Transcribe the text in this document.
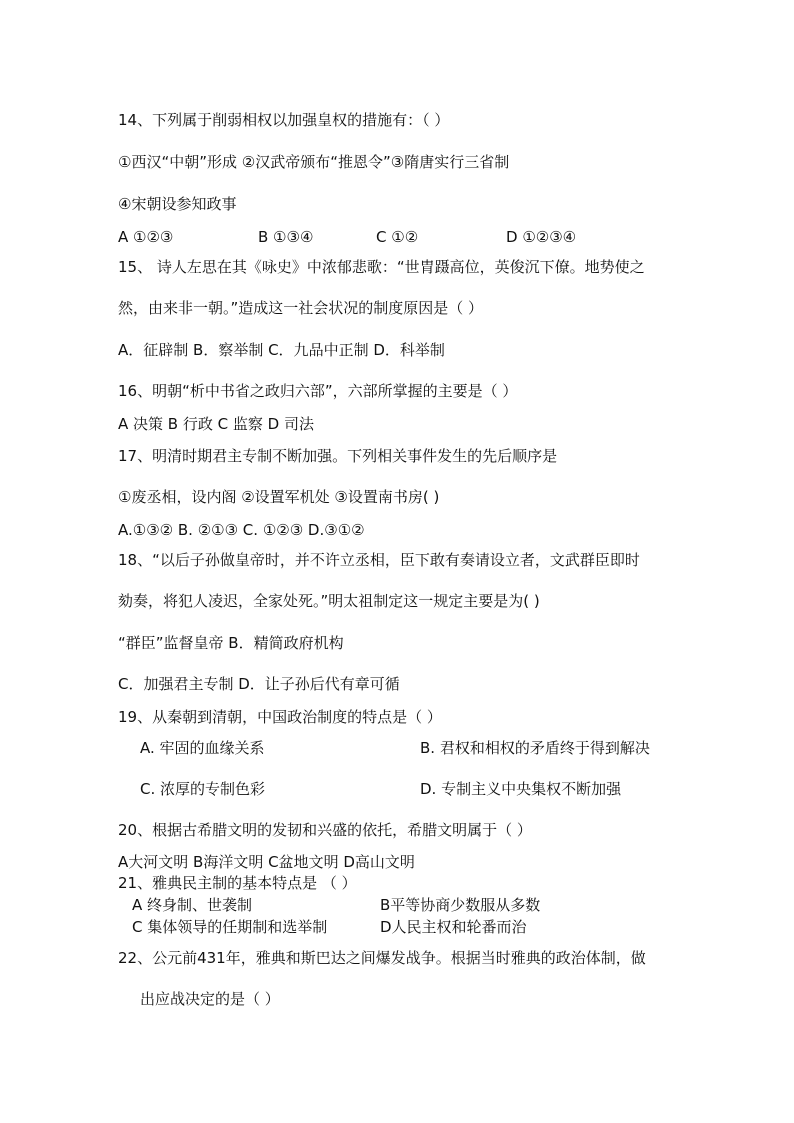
14、下列属于削弱相权以加强皇权的措施有：（ ）
①西汉“中朝”形成 ②汉武帝颁布“推恩令”③隋唐实行三省制
④宋朝设参知政事
A ①②③	B ①③④	C ①②	D ①②③④
15、 诗人左思在其《咏史》中浓郁悲歌：“世胄蹑高位，英俊沉下僚。地势使之
然，由来非一朝。”造成这一社会状况的制度原因是（ ）
A．征辟制 B．察举制 C．九品中正制 D．科举制
16、明朝“析中书省之政归六部”，六部所掌握的主要是（ ）
A 决策 B 行政 C 监察 D 司法
17、明清时期君主专制不断加强。下列相关事件发生的先后顺序是
①废丞相，设内阁 ②设置军机处 ③设置南书房( )
A.①③② B. ②①③ C. ①②③ D.③①②
18、“以后子孙做皇帝时，并不许立丞相，臣下敢有奏请设立者，文武群臣即时
劾奏，将犯人凌迟，全家处死。”明太祖制定这一规定主要是为( )
“群臣”监督皇帝 B．精简政府机构
C．加强君主专制 D．让子孙后代有章可循
19、从秦朝到清朝，中国政治制度的特点是（ ）
A. 牢固的血缘关系	B. 君权和相权的矛盾终于得到解决
C. 浓厚的专制色彩	D. 专制主义中央集权不断加强
20、根据古希腊文明的发韧和兴盛的依托，希腊文明属于（ ）
A大河文明 B海洋文明 C盆地文明 D高山文明
21、雅典民主制的基本特点是 （ ）
A 终身制、世袭制	B平等协商少数服从多数
C 集体领导的任期制和选举制	D人民主权和轮番而治
22、公元前431年，雅典和斯巴达之间爆发战争。根据当时雅典的政治体制，做
出应战决定的是（ ）
